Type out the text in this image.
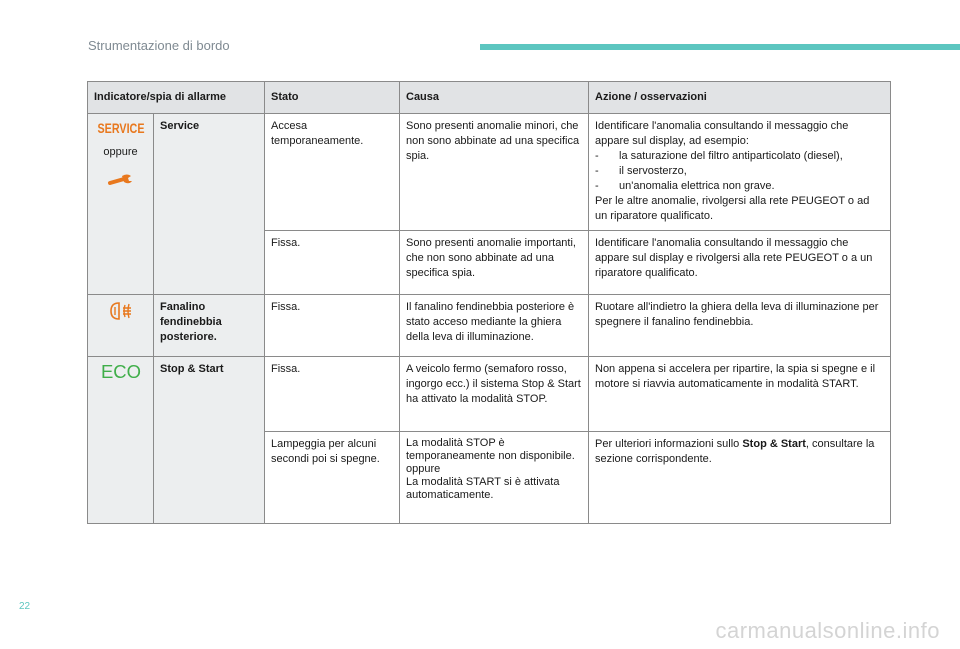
Strumentazione di bordo
Indicatore/spia di allarme		Stato	Causa	Azione / osservazioni

SERVICE
oppure	Service	Accesa temporaneamente.	Sono presenti anomalie minori, che non sono abbinate ad una specifica spia.	Identificare l'anomalia consultando il messaggio che appare sul display, ad esempio:
- la saturazione del filtro antiparticolato (diesel),
- il servosterzo,
- un'anomalia elettrica non grave.
Per le altre anomalie, rivolgersi alla rete PEUGEOT o ad un riparatore qualificato.

		Fissa.	Sono presenti anomalie importanti, che non sono abbinate ad una specifica spia.	Identificare l'anomalia consultando il messaggio che appare sul display e rivolgersi alla rete PEUGEOT o a un riparatore qualificato.

	Fanalino fendinebbia posteriore.	Fissa.	Il fanalino fendinebbia posteriore è stato acceso mediante la ghiera della leva di illuminazione.	Ruotare all'indietro la ghiera della leva di illuminazione per spegnere il fanalino fendinebbia.

ECO	Stop & Start	Fissa.	A veicolo fermo (semaforo rosso, ingorgo ecc.) il sistema Stop & Start ha attivato la modalità STOP.	Non appena si accelera per ripartire, la spia si spegne e il motore si riavvia automaticamente in modalità START.
		Lampeggia per alcuni secondi poi si spegne.	La modalità STOP è temporaneamente non disponibile.
oppure
La modalità START si è attivata automaticamente.	Per ulteriori informazioni sullo Stop & Start, consultare la sezione corrispondente.
22
carmanualsonline.info
